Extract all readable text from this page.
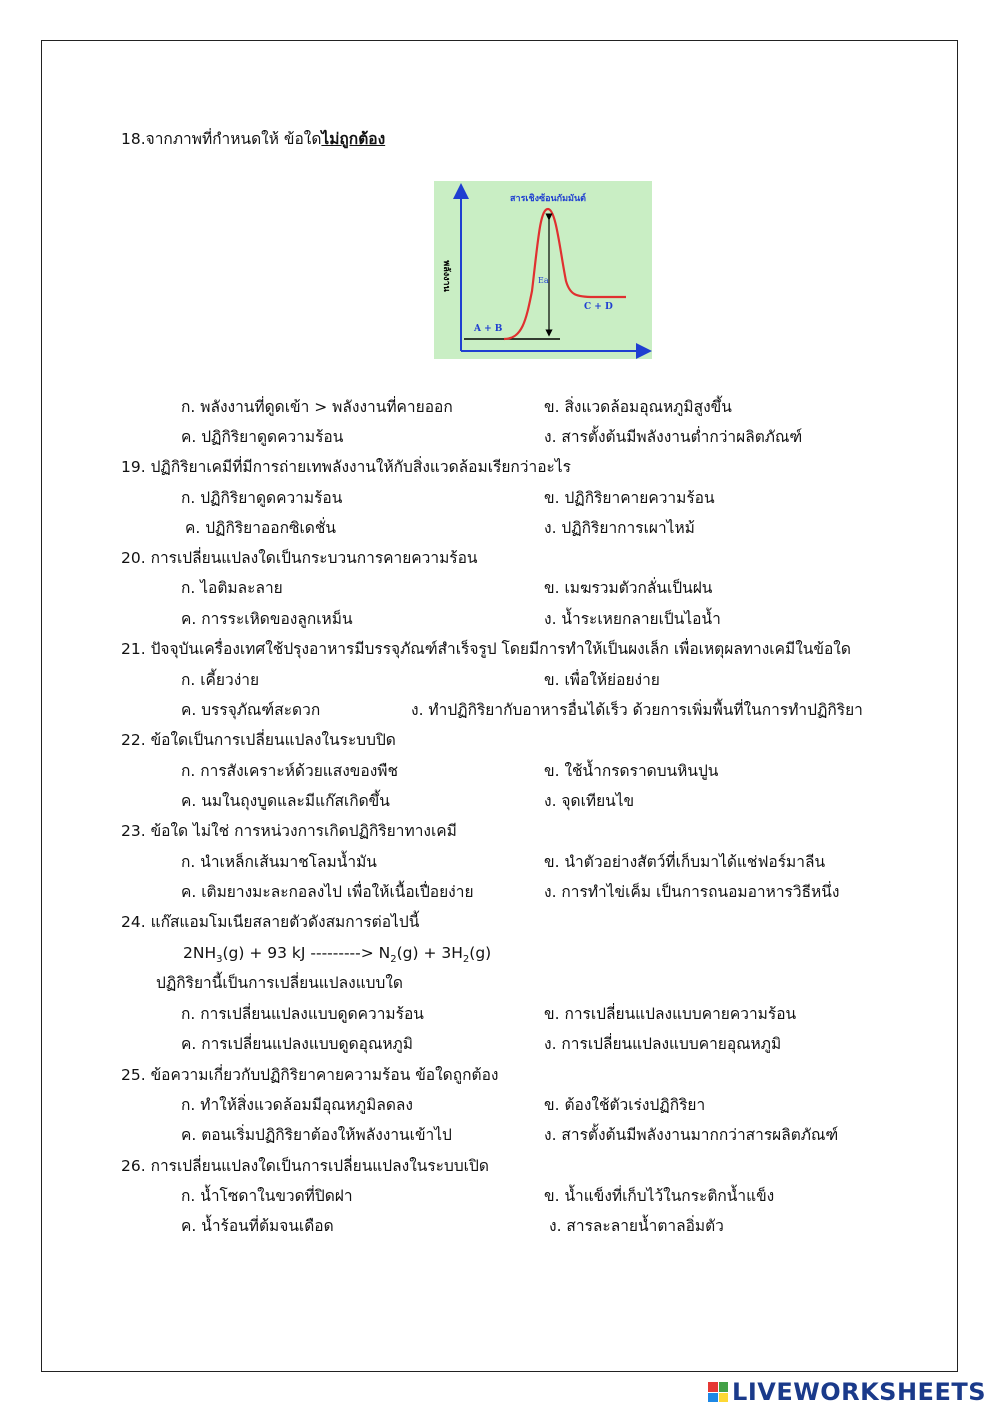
18.จากภาพที่กำหนดให้ ข้อใดไม่ถูกต้อง
สารเชิงซ้อนกัมมันต์
พลังงาน
A + B
C + D
Ea
ก. พลังงานที่ดูดเข้า > พลังงานที่คายออก	ข. สิ่งแวดล้อมอุณหภูมิสูงขึ้น
ค. ปฏิกิริยาดูดความร้อน	ง. สารตั้งต้นมีพลังงานต่ำกว่าผลิตภัณฑ์
19. ปฏิกิริยาเคมีที่มีการถ่ายเทพลังงานให้กับสิ่งแวดล้อมเรียกว่าอะไร
ก. ปฏิกิริยาดูดความร้อน	ข. ปฏิกิริยาคายความร้อน
ค. ปฏิกิริยาออกซิเดชั่น	ง. ปฏิกิริยาการเผาไหม้
20. การเปลี่ยนแปลงใดเป็นกระบวนการคายความร้อน
ก. ไอติมละลาย	ข. เมฆรวมตัวกลั่นเป็นฝน
ค. การระเหิดของลูกเหม็น	ง. น้ำระเหยกลายเป็นไอน้ำ
21. ปัจจุบันเครื่องเทศใช้ปรุงอาหารมีบรรจุภัณฑ์สำเร็จรูป โดยมีการทำให้เป็นผงเล็ก เพื่อเหตุผลทางเคมีในข้อใด
ก. เคี้ยวง่าย	ข. เพื่อให้ย่อยง่าย
ค. บรรจุภัณฑ์สะดวก	ง. ทำปฏิกิริยากับอาหารอื่นได้เร็ว ด้วยการเพิ่มพื้นที่ในการทำปฏิกิริยา
22. ข้อใดเป็นการเปลี่ยนแปลงในระบบปิด
ก. การสังเคราะห์ด้วยแสงของพืช	ข. ใช้น้ำกรดราดบนหินปูน
ค. นมในถุงบูดและมีแก๊สเกิดขึ้น	ง. จุดเทียนไข
23. ข้อใด ไม่ใช่ การหน่วงการเกิดปฏิกิริยาทางเคมี
ก. นำเหล็กเส้นมาชโลมน้ำมัน	ข. นำตัวอย่างสัตว์ที่เก็บมาได้แช่ฟอร์มาลีน
ค. เติมยางมะละกอลงไป เพื่อให้เนื้อเปื่อยง่าย	ง. การทำไข่เค็ม เป็นการถนอมอาหารวิธีหนึ่ง
24. แก๊สแอมโมเนียสลายตัวดังสมการต่อไปนี้
$2NH_3(g) + 93$ kJ ---------> $N_2(g) + 3H_2(g)$
ปฏิกิริยานี้เป็นการเปลี่ยนแปลงแบบใด
ก. การเปลี่ยนแปลงแบบดูดความร้อน	ข. การเปลี่ยนแปลงแบบคายความร้อน
ค. การเปลี่ยนแปลงแบบดูดอุณหภูมิ	ง. การเปลี่ยนแปลงแบบคายอุณหภูมิ
25. ข้อความเกี่ยวกับปฏิกิริยาคายความร้อน ข้อใดถูกต้อง
ก. ทำให้สิ่งแวดล้อมมีอุณหภูมิลดลง	ข. ต้องใช้ตัวเร่งปฏิกิริยา
ค. ตอนเริ่มปฏิกิริยาต้องให้พลังงานเข้าไป	ง. สารตั้งต้นมีพลังงานมากกว่าสารผลิตภัณฑ์
26. การเปลี่ยนแปลงใดเป็นการเปลี่ยนแปลงในระบบเปิด
ก. น้ำโซดาในขวดที่ปิดฝา	ข. น้ำแข็งที่เก็บไว้ในกระติกน้ำแข็ง
ค. น้ำร้อนที่ต้มจนเดือด	ง. สารละลายน้ำตาลอิ่มตัว
LIVEWORKSHEETS
